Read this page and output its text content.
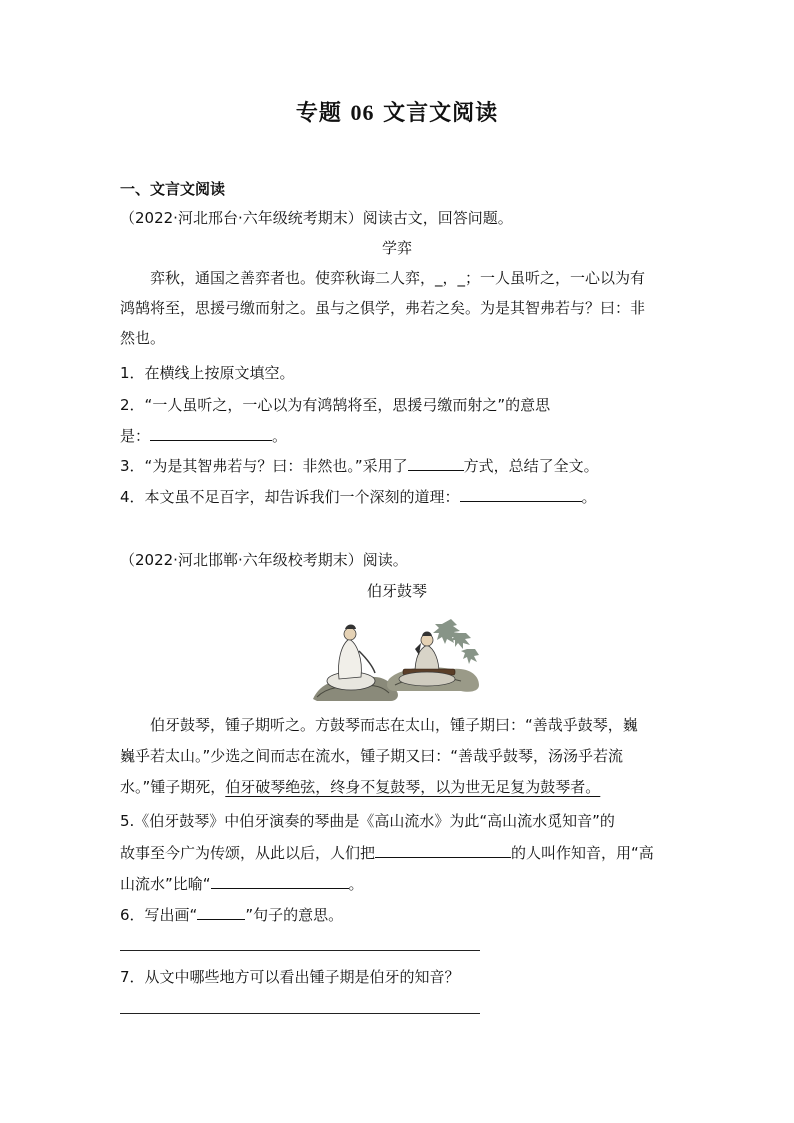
专题 06 文言文阅读
一、文言文阅读
（2022·河北邢台·六年级统考期末）阅读古文，回答问题。
学弈
弈秋，通国之善弈者也。使弈秋诲二人弈，_，_；一人虽听之，一心以为有
鸿鹄将至，思援弓缴而射之。虽与之俱学，弗若之矣。为是其智弗若与？曰：非
然也。
1．在横线上按原文填空。
2．“一人虽听之，一心以为有鸿鹄将至，思援弓缴而射之”的意思
是：	。
3．“为是其智弗若与？曰：非然也。”采用了	方式，总结了全文。
4．本文虽不足百字，却告诉我们一个深刻的道理：	。
（2022·河北邯郸·六年级校考期末）阅读。
伯牙鼓琴
伯牙鼓琴，锺子期听之。方鼓琴而志在太山，锺子期曰：“善哉乎鼓琴，巍
巍乎若太山。”少选之间而志在流水，锺子期又曰：“善哉乎鼓琴，汤汤乎若流
水。”锺子期死，伯牙破琴绝弦，终身不复鼓琴，以为世无足复为鼓琴者。
5.《伯牙鼓琴》中伯牙演奏的琴曲是《高山流水》为此“高山流水觅知音”的
故事至今广为传颂，从此以后，人们把	的人叫作知音，用“高
山流水”比喻“	。
6．写出画“	”句子的意思。
7．从文中哪些地方可以看出锺子期是伯牙的知音？
